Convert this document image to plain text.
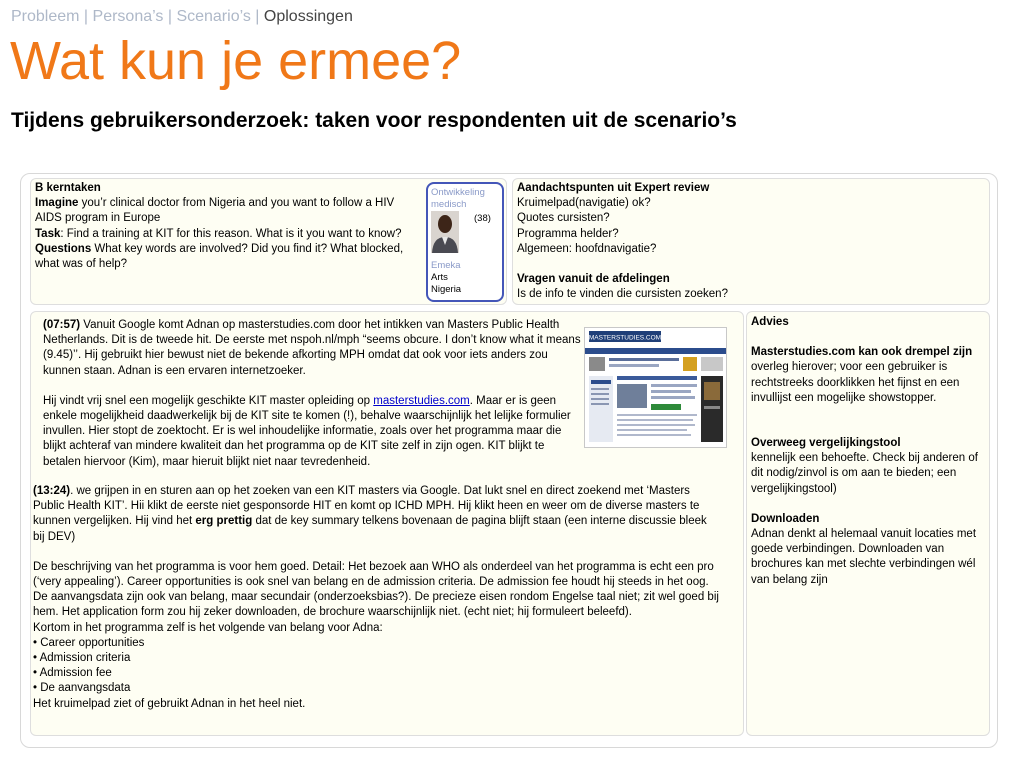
Probleem | Persona’s | Scenario’s | Oplossingen
Wat kun je ermee?
Tijdens gebruikersonderzoek: taken voor respondenten uit de scenario’s
B kerntaken
Imagine you’r clinical doctor from Nigeria and you want to follow a HIV AIDS program in Europe
Task: Find a training at KIT for this reason. What is it you want to know?
Questions What key words are involved? Did you find it? What blocked, what was of help?
Ontwikkeling medisch
(38)
Emeka
Arts
Nigeria
Aandachtspunten uit Expert review
Kruimelpad(navigatie) ok?
Quotes cursisten?
Programma helder?
Algemeen: hoofdnavigatie?
Vragen vanuit de afdelingen
Is de info te vinden die cursisten zoeken?
(07:57) Vanuit Google komt Adnan op masterstudies.com door het intikken van Masters Public Health Netherlands. Dit is de tweede hit. De eerste met nspoh.nl/mph “seems obcure. I don’t know what it means (9.45)’’. Hij gebruikt hier bewust niet de bekende afkorting MPH omdat dat ook voor iets anders zou kunnen staan. Adnan is een ervaren internetzoeker.
Hij vindt vrij snel een mogelijk geschikte KIT master opleiding op masterstudies.com. Maar er is geen enkele mogelijkheid daadwerkelijk bij de KIT site te komen (!), behalve waarschijnlijk het lelijke formulier invullen. Hier stopt de zoektocht. Er is wel inhoudelijke informatie, zoals over het programma maar die blijkt achteraf van mindere kwaliteit dan het programma op de KIT site zelf in zijn ogen. KIT blijkt te betalen hiervoor (Kim), maar hieruit blijkt niet naar tevredenheid.
MASTERSTUDIES.COM
(13:24). we grijpen in en sturen aan op het zoeken van een KIT masters via Google. Dat lukt snel en direct zoekend met ‘Masters Public Health KIT’. Hii klikt de eerste niet gesponsorde HIT en komt op ICHD MPH. Hij klikt heen en weer om de diverse masters te kunnen vergelijken. Hij vind het erg prettig dat de key summary telkens bovenaan de pagina blijft staan (een interne discussie bleek bij DEV)
De beschrijving van het programma is voor hem goed. Detail: Het bezoek aan WHO als onderdeel van het programma is echt een pro (‘very appealing’). Career opportunities is ook snel van belang en de admission criteria. De admission fee houdt hij steeds in het oog. De aanvangsdata zijn ook van belang, maar secundair (onderzoeksbias?). De precieze eisen rondom Engelse taal niet; zit wel goed bij hem. Het application form zou hij zeker downloaden, de brochure waarschijnlijk niet. (echt niet; hij formuleert beleefd).
Kortom in het programma zelf is het volgende van belang voor Adna:
• Career opportunities
• Admission criteria
• Admission fee
• De aanvangsdata
Het kruimelpad ziet of gebruikt Adnan in het heel niet.
Advies
Masterstudies.com kan ook drempel zijn
overleg hierover; voor een gebruiker is rechtstreeks doorklikken het fijnst en een invullijst een mogelijke showstopper.
Overweeg vergelijkingstool
kennelijk een behoefte. Check bij anderen of dit nodig/zinvol is om aan te bieden; een vergelijkingstool)
Downloaden
Adnan denkt al helemaal vanuit locaties met goede verbindingen. Downloaden van brochures kan met slechte verbindingen wél van belang zijn
